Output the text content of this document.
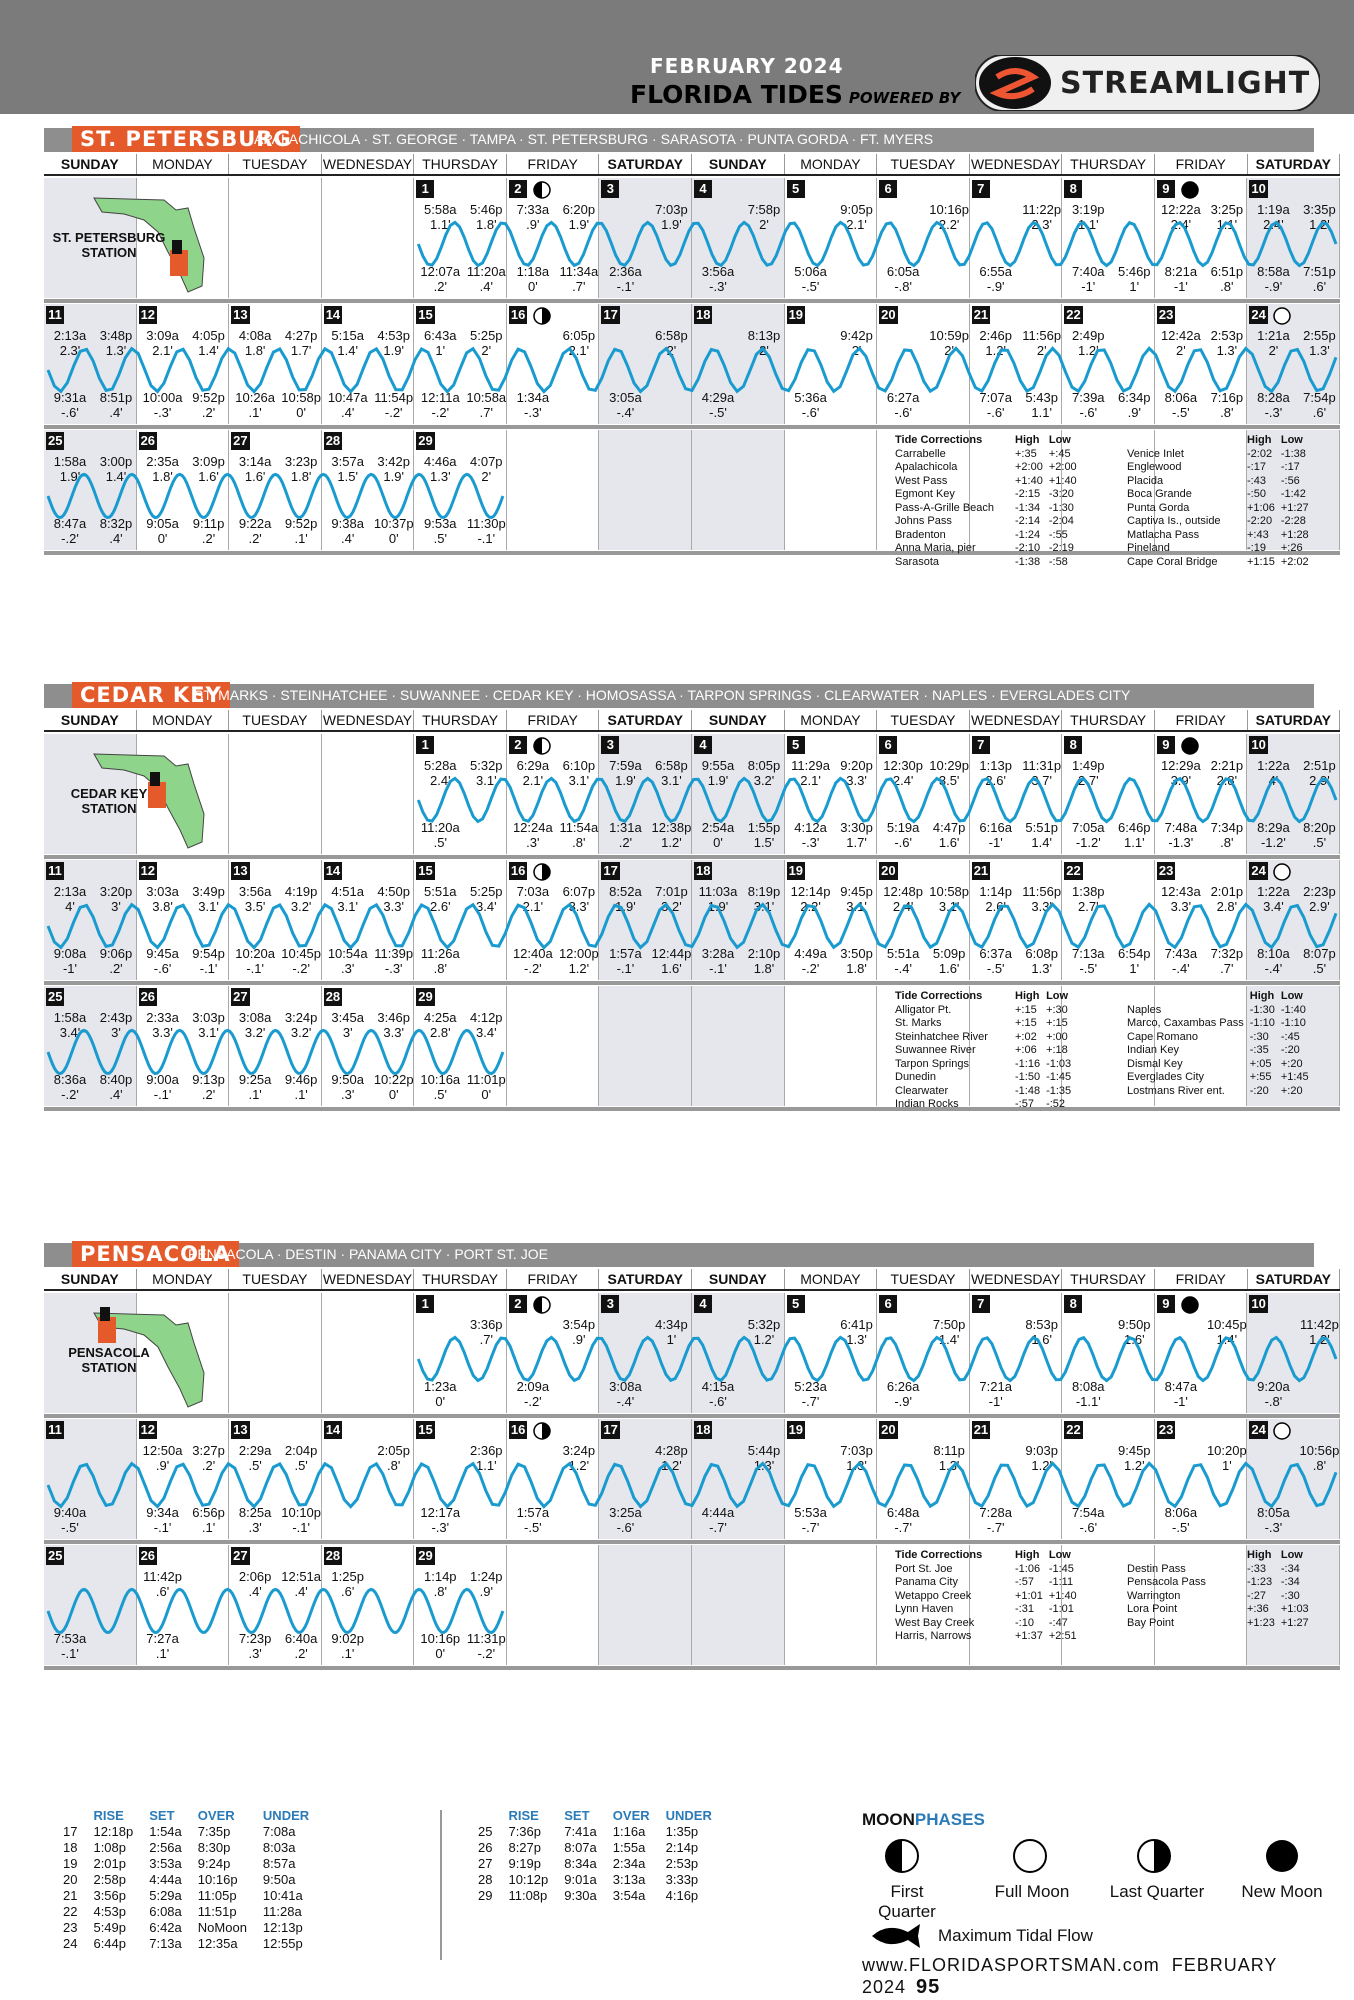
FEBRUARY 2024
FLORIDA TIDES POWERED BY	STREAMLIGHT
ST. PETERSBURG
APALACHICOLA · ST. GEORGE · TAMPA · ST. PETERSBURG · SARASOTA · PUNTA GORDA · FT. MYERS
SUNDAY	MONDAY	TUESDAY	WEDNESDAY THURSDAY	FRIDAY	SATURDAY	SUNDAY	MONDAY	TUESDAY	WEDNESDAY THURSDAY	FRIDAY	SATURDAY
1
5:58a
1.1'
5:46p
1.8'
12:07a
.2'
11:20a
.4'
2
7:33a
.9'
6:20p
1.9'
1:18a
0'
11:34a
.7'
3
7:03p
1.9'
2:36a
-.1'
4
7:58p
2'
3:56a
-.3'
5
9:05p
2.1'
5:06a
-.5'
6
10:16p
2.2'
6:05a
-.8'
7
11:22p
2.3'
6:55a
-.9'
8
3:19p
1.1'
7:40a
-1'
5:46p
1'
9
12:22a
2.4'
3:25p
1.1'
8:21a
-1'
6:51p
.8'
10
1:19a
2.4'
3:35p
1.2'
8:58a
-.9'
7:51p
.6'
11
2:13a
2.3'
3:48p
1.3'
9:31a
-.6'
8:51p
.4'
12
3:09a
2.1'
4:05p
1.4'
10:00a
-.3'
9:52p
.2'
13
4:08a
1.8'
4:27p
1.7'
10:26a
.1'
10:58p
0'
14
5:15a
1.4'
4:53p
1.9'
10:47a
.4'
11:54p
-.2'
15
6:43a
1'
5:25p
2'
12:11a
-.2'
10:58a
.7'
16
6:05p
2.1'
1:34a
-.3'
17
6:58p
2'
3:05a
-.4'
18
8:13p
2'
4:29a
-.5'
19
9:42p
2'
5:36a
-.6'
20
10:59p
2'
6:27a
-.6'
21
2:46p
1.2'
11:56p
2'
7:07a
-.6'
5:43p
1.1'
22
2:49p
1.2'
7:39a
-.6'
6:34p
.9'
23
12:42a
2'
2:53p
1.3'
8:06a
-.5'
7:16p
.8'
24
1:21a
2'
2:55p
1.3'
8:28a
-.3'
7:54p
.6'
25
1:58a
1.9'
3:00p
1.4'
8:47a
-.2'
8:32p
.4'
26
2:35a
1.8'
3:09p
1.6'
9:05a
0'
9:11p
.2'
27
3:14a
1.6'
3:23p
1.8'
9:22a
.2'
9:52p
.1'
28
3:57a
1.5'
3:42p
1.9'
9:38a
.4'
10:37p
0'
29
4:46a
1.3'
4:07p
2'
9:53a
.5'
11:30p
-.1'
ST. PETERSBURG
STATION
Tide Corrections	High	Low
Carrabelle	+:35	+:45
Apalachicola	+2:00	+2:00
West Pass	+1:40	+1:40
Egmont Key	-2:15	-3:20
Pass-A-Grille Beach	-1:34	-1:30
Johns Pass	-2:14	-2:04
Bradenton	-1:24	-:55
Anna Maria, pier	-2:10	-2:19
Sarasota	-1:38	-:58
	High	Low
Venice Inlet	-2:02	-1:38
Englewood	-:17	-:17
Placida	-:43	-:56
Boca Grande	-:50	-1:42
Punta Gorda	+1:06	+1:27
Captiva Is., outside	-2:20	-2:28
Matlacha Pass	+:43	+1:28
Pineland	-:19	+:26
Cape Coral Bridge	+1:15	+2:02
CEDAR KEY
ST. MARKS · STEINHATCHEE · SUWANNEE · CEDAR KEY · HOMOSASSA · TARPON SPRINGS · CLEARWATER · NAPLES · EVERGLADES CITY
SUNDAY	MONDAY	TUESDAY	WEDNESDAY THURSDAY	FRIDAY	SATURDAY	SUNDAY	MONDAY	TUESDAY	WEDNESDAY THURSDAY	FRIDAY	SATURDAY
1
5:28a
2.4'
5:32p
3.1'
11:20a
.5'
2
6:29a
2.1'
6:10p
3.1'
12:24a
.3'
11:54a
.8'
3
7:59a
1.9'
6:58p
3.1'
1:31a
.2'
12:38p
1.2'
4
9:55a
1.9'
8:05p
3.2'
2:54a
0'
1:55p
1.5'
5
11:29a
2.1'
9:20p
3.3'
4:12a
-.3'
3:30p
1.7'
6
12:30p
2.4'
10:29p
3.5'
5:19a
-.6'
4:47p
1.6'
7
1:13p
2.6'
11:31p
3.7'
6:16a
-1'
5:51p
1.4'
8
1:49p
2.7'
7:05a
-1.2'
6:46p
1.1'
9
12:29a
3.9'
2:21p
2.8'
7:48a
-1.3'
7:34p
.8'
10
1:22a
4'
2:51p
2.9'
8:29a
-1.2'
8:20p
.5'
11
2:13a
4'
3:20p
3'
9:08a
-1'
9:06p
.2'
12
3:03a
3.8'
3:49p
3.1'
9:45a
-.6'
9:54p
-.1'
13
3:56a
3.5'
4:19p
3.2'
10:20a
-.1'
10:45p
-.2'
14
4:51a
3.1'
4:50p
3.3'
10:54a
.3'
11:39p
-.3'
15
5:51a
2.6'
5:25p
3.4'
11:26a
.8'
16
7:03a
2.1'
6:07p
3.3'
12:40a
-.2'
12:00p
1.2'
17
8:52a
1.9'
7:01p
3.2'
1:57a
-.1'
12:44p
1.6'
18
11:03a
1.9'
8:19p
3.1'
3:28a
-.1'
2:10p
1.8'
19
12:14p
2.2'
9:45p
3.1'
4:49a
-.2'
3:50p
1.8'
20
12:48p
2.4'
10:58p
3.1'
5:51a
-.4'
5:09p
1.6'
21
1:14p
2.6'
11:56p
3.3'
6:37a
-.5'
6:08p
1.3'
22
1:38p
2.7'
7:13a
-.5'
6:54p
1'
23
12:43a
3.3'
2:01p
2.8'
7:43a
-.4'
7:32p
.7'
24
1:22a
3.4'
2:23p
2.9'
8:10a
-.4'
8:07p
.5'
25
1:58a
3.4'
2:43p
3'
8:36a
-.2'
8:40p
.4'
26
2:33a
3.3'
3:03p
3.1'
9:00a
-.1'
9:13p
.2'
27
3:08a
3.2'
3:24p
3.2'
9:25a
.1'
9:46p
.1'
28
3:45a
3'
3:46p
3.3'
9:50a
.3'
10:22p
0'
29
4:25a
2.8'
4:12p
3.4'
10:16a
.5'
11:01p
0'
CEDAR KEY
STATION
Tide Corrections	High	Low
Alligator Pt.	+:15	+:30
St. Marks	+:15	+:15
Steinhatchee River	+:02	+:00
Suwannee River	+:06	+:18
Tarpon Springs	-1:16	-1:03
Dunedin	-1:50	-1:45
Clearwater	-1:48	-1:35
Indian Rocks	-:57	-:52
	High	Low
Naples	-1:30	-1:40
Marco, Caxambas Pass	-1:10	-1:10
Cape Romano	-:30	-:45
Indian Key	-:35	-:20
Dismal Key	+:05	+:20
Everglades City	+:55	+1:45
Lostmans River ent.	-:20	+:20
PENSACOLA
PENSACOLA · DESTIN · PANAMA CITY · PORT ST. JOE
SUNDAY	MONDAY	TUESDAY	WEDNESDAY THURSDAY	FRIDAY	SATURDAY	SUNDAY	MONDAY	TUESDAY	WEDNESDAY THURSDAY	FRIDAY	SATURDAY
1
3:36p
.7'
1:23a
0'
2
3:54p
.9'
2:09a
-.2'
3
4:34p
1'
3:08a
-.4'
4
5:32p
1.2'
4:15a
-.6'
5
6:41p
1.3'
5:23a
-.7'
6
7:50p
1.4'
6:26a
-.9'
7
8:53p
1.6'
7:21a
-1'
8
9:50p
1.6'
8:08a
-1.1'
9
10:45p
1.4'
8:47a
-1'
10
11:42p
1.2'
9:20a
-.8'
11
9:40a
-.5'
12
12:50a
.9'
3:27p
.2'
9:34a
-.1'
6:56p
.1'
13
2:29a
.5'
2:04p
.5'
8:25a
.3'
10:10p
-.1'
14
2:05p
.8'
15
2:36p
1.1'
12:17a
-.3'
16
3:24p
1.2'
1:57a
-.5'
17
4:28p
1.2'
3:25a
-.6'
18
5:44p
1.3'
4:44a
-.7'
19
7:03p
1.3'
5:53a
-.7'
20
8:11p
1.3'
6:48a
-.7'
21
9:03p
1.2'
7:28a
-.7'
22
9:45p
1.2'
7:54a
-.6'
23
10:20p
1'
8:06a
-.5'
24
10:56p
.8'
8:05a
-.3'
25
7:53a
-.1'
26
11:42p
.6'
7:27a
.1'
27
2:06p
.4'
12:51a
.4'
7:23p
.3'
6:40a
.2'
28
1:25p
.6'
9:02p
.1'
29
1:14p
.8'
1:24p
.9'
10:16p
0'
11:31p
-.2'
PENSACOLA
STATION
Tide Corrections	High	Low
Port St. Joe	-1:06	-1:45
Panama City	-:57	-1:11
Wetappo Creek	+1:01	+1:40
Lynn Haven	-:31	-1:01
West Bay Creek	-:10	-:47
Harris, Narrows	+1:37	+2:51
	High	Low
Destin Pass	-:33	-:34
Pensacola Pass	-1:23	-:34
Warrington	-:27	-:30
Lora Point	+:36	+1:03
Bay Point	+1:23	+1:27
	RISE	SET	OVER	UNDER
17	12:18p	1:54a	7:35p	7:08a
18	1:08p	2:56a	8:30p	8:03a
19	2:01p	3:53a	9:24p	8:57a
20	2:58p	4:44a	10:16p	9:50a
21	3:56p	5:29a	11:05p	10:41a
22	4:53p	6:08a	11:51p	11:28a
23	5:49p	6:42a	NoMoon	12:13p
24	6:44p	7:13a	12:35a	12:55p
	RISE	SET	OVER	UNDER
25	7:36p	7:41a	1:16a	1:35p
26	8:27p	8:07a	1:55a	2:14p
27	9:19p	8:34a	2:34a	2:53p
28	10:12p	9:01a	3:13a	3:33p
29	11:08p	9:30a	3:54a	4:16p
MOONPHASES
First Quarter
Full Moon	Last Quarter New Moon
Maximum Tidal Flow
www.FLORIDASPORTSMAN.com FEBRUARY 2024 95
